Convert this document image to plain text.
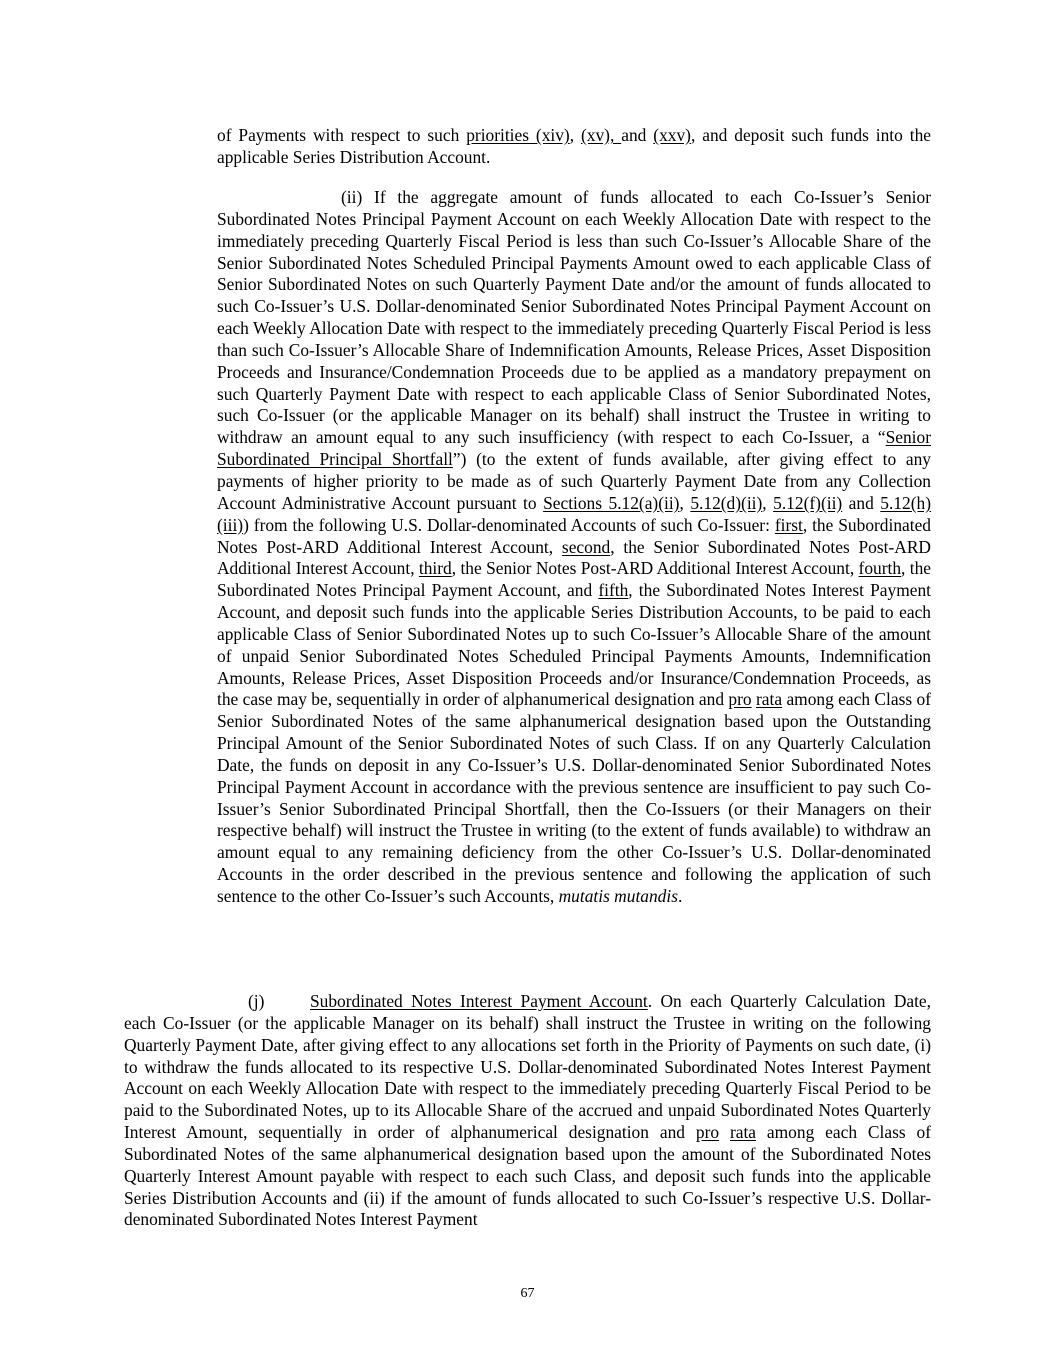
of Payments with respect to such priorities (xiv), (xv), and (xxv), and deposit such funds into the applicable Series Distribution Account.

(ii) If the aggregate amount of funds allocated to each Co-Issuer’s Senior Subordinated Notes Principal Payment Account on each Weekly Allocation Date with respect to the immediately preceding Quarterly Fiscal Period is less than such Co-Issuer’s Allocable Share of the Senior Subordinated Notes Scheduled Principal Payments Amount owed to each applicable Class of Senior Subordinated Notes on such Quarterly Payment Date and/or the amount of funds allocated to such Co-Issuer’s U.S. Dollar-denominated Senior Subordinated Notes Principal Payment Account on each Weekly Allocation Date with respect to the immediately preceding Quarterly Fiscal Period is less than such Co-Issuer’s Allocable Share of Indemnification Amounts, Release Prices, Asset Disposition Proceeds and Insurance/Condemnation Proceeds due to be applied as a mandatory prepayment on such Quarterly Payment Date with respect to each applicable Class of Senior Subordinated Notes, such Co-Issuer (or the applicable Manager on its behalf) shall instruct the Trustee in writing to withdraw an amount equal to any such insufficiency (with respect to each Co-Issuer, a “Senior Subordinated Principal Shortfall”) (to the extent of funds available, after giving effect to any payments of higher priority to be made as of such Quarterly Payment Date from any Collection Account Administrative Account pursuant to Sections 5.12(a)(ii), 5.12(d)(ii), 5.12(f)(ii) and 5.12(h)(iii)) from the following U.S. Dollar-denominated Accounts of such Co-Issuer: first, the Subordinated Notes Post-ARD Additional Interest Account, second, the Senior Subordinated Notes Post-ARD Additional Interest Account, third, the Senior Notes Post-ARD Additional Interest Account, fourth, the Subordinated Notes Principal Payment Account, and fifth, the Subordinated Notes Interest Payment Account, and deposit such funds into the applicable Series Distribution Accounts, to be paid to each applicable Class of Senior Subordinated Notes up to such Co-Issuer’s Allocable Share of the amount of unpaid Senior Subordinated Notes Scheduled Principal Payments Amounts, Indemnification Amounts, Release Prices, Asset Disposition Proceeds and/or Insurance/Condemnation Proceeds, as the case may be, sequentially in order of alphanumerical designation and pro rata among each Class of Senior Subordinated Notes of the same alphanumerical designation based upon the Outstanding Principal Amount of the Senior Subordinated Notes of such Class. If on any Quarterly Calculation Date, the funds on deposit in any Co-Issuer’s U.S. Dollar-denominated Senior Subordinated Notes Principal Payment Account in accordance with the previous sentence are insufficient to pay such Co-Issuer’s Senior Subordinated Principal Shortfall, then the Co-Issuers (or their Managers on their respective behalf) will instruct the Trustee in writing (to the extent of funds available) to withdraw an amount equal to any remaining deficiency from the other Co-Issuer’s U.S. Dollar-denominated Accounts in the order described in the previous sentence and following the application of such sentence to the other Co-Issuer’s such Accounts, mutatis mutandis.

(j)	Subordinated Notes Interest Payment Account. On each Quarterly Calculation Date, each Co-Issuer (or the applicable Manager on its behalf) shall instruct the Trustee in writing on the following Quarterly Payment Date, after giving effect to any allocations set forth in the Priority of Payments on such date, (i) to withdraw the funds allocated to its respective U.S. Dollar-denominated Subordinated Notes Interest Payment Account on each Weekly Allocation Date with respect to the immediately preceding Quarterly Fiscal Period to be paid to the Subordinated Notes, up to its Allocable Share of the accrued and unpaid Subordinated Notes Quarterly Interest Amount, sequentially in order of alphanumerical designation and pro rata among each Class of Subordinated Notes of the same alphanumerical designation based upon the amount of the Subordinated Notes Quarterly Interest Amount payable with respect to each such Class, and deposit such funds into the applicable Series Distribution Accounts and (ii) if the amount of funds allocated to such Co-Issuer’s respective U.S. Dollar-denominated Subordinated Notes Interest Payment

67
